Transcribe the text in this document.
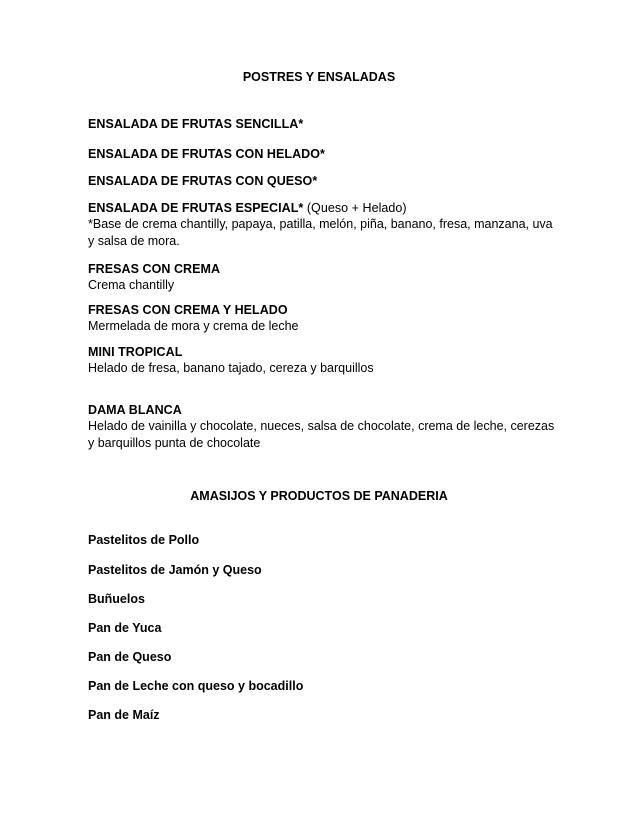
POSTRES Y ENSALADAS

ENSALADA DE FRUTAS SENCILLA*
ENSALADA DE FRUTAS CON HELADO*
ENSALADA DE FRUTAS CON QUESO*
ENSALADA DE FRUTAS ESPECIAL* (Queso + Helado)
*Base de crema chantilly, papaya, patilla, melón, piña, banano, fresa, manzana, uva y salsa de mora.
FRESAS CON CREMA
Crema chantilly
FRESAS CON CREMA Y HELADO
Mermelada de mora y crema de leche
MINI TROPICAL
Helado de fresa, banano tajado, cereza y barquillos
DAMA BLANCA
Helado de vainilla y chocolate, nueces, salsa de chocolate, crema de leche, cerezas y barquillos punta de chocolate

AMASIJOS Y PRODUCTOS DE PANADERIA

Pastelitos de Pollo

Pastelitos de Jamón y Queso

Buñuelos

Pan de Yuca

Pan de Queso

Pan de Leche con queso y bocadillo

Pan de Maíz
